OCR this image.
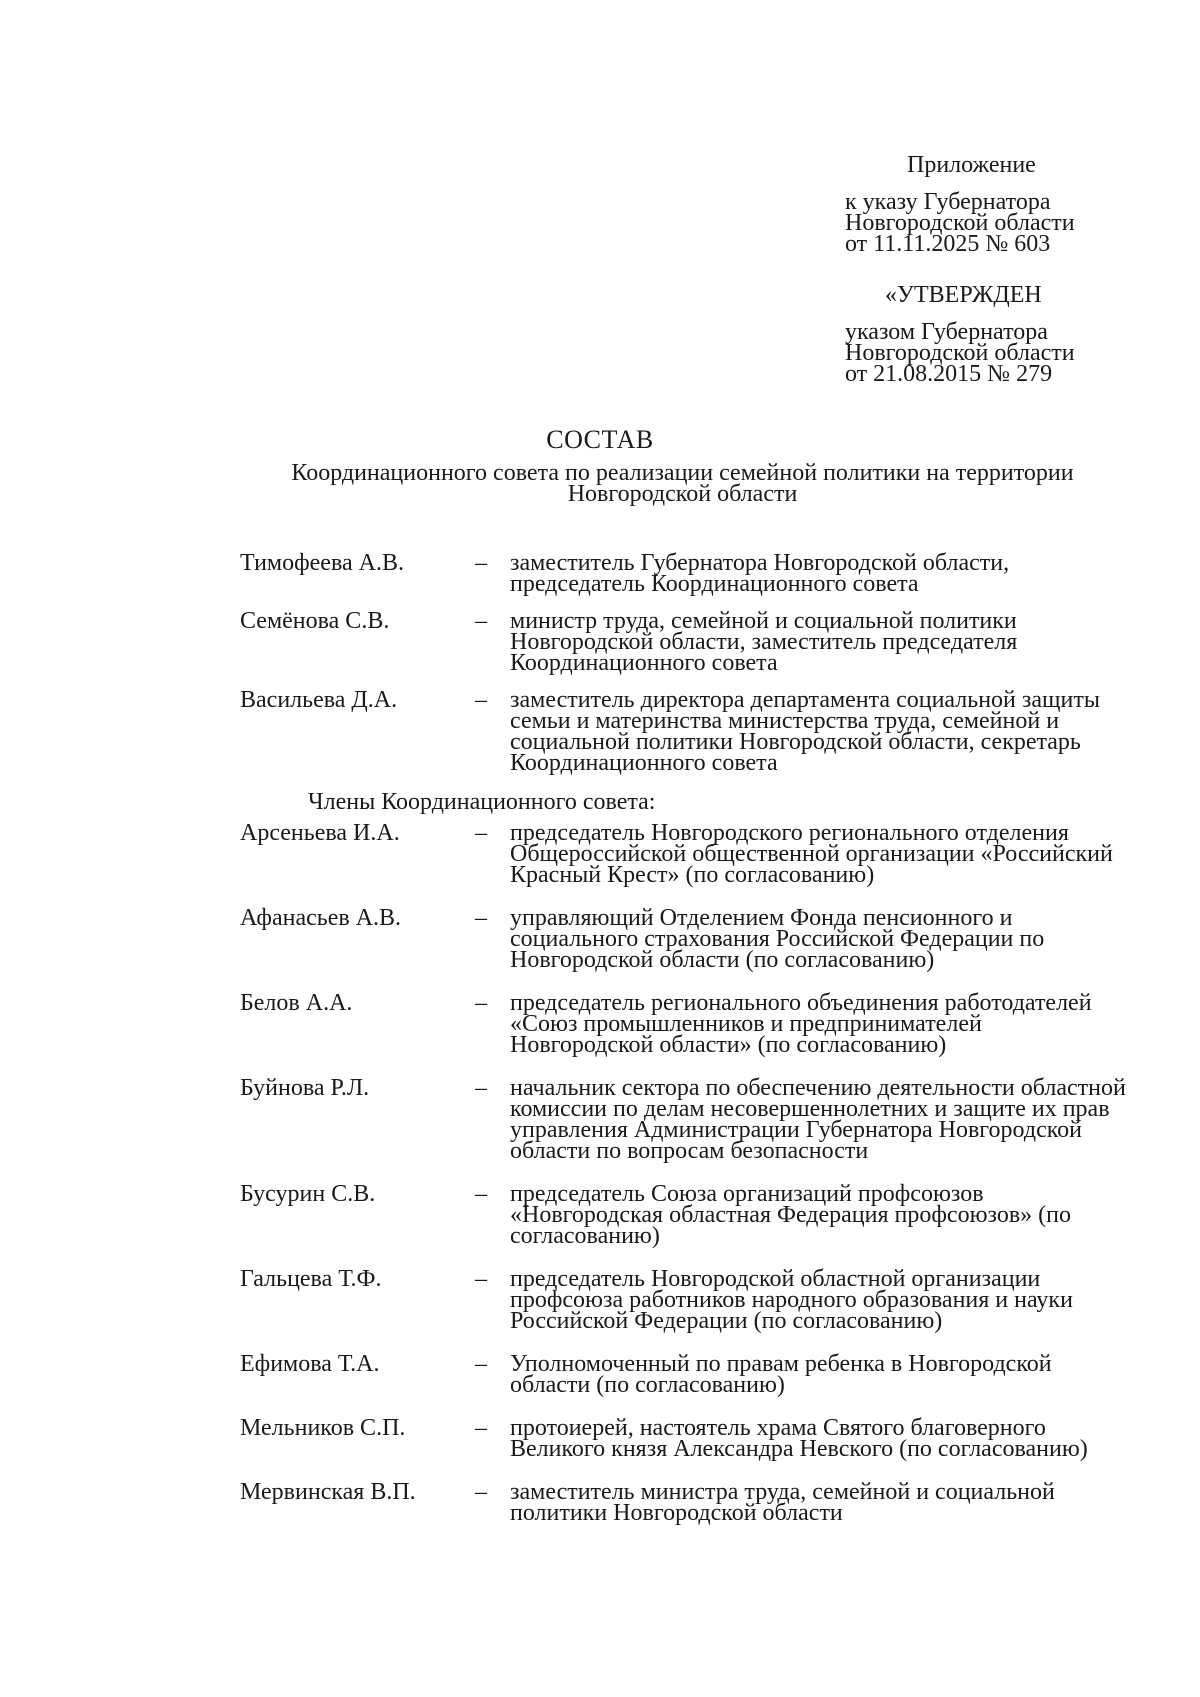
Приложение
к указу Губернатора
Новгородской области
от 11.11.2025 № 603
«УТВЕРЖДЕН
указом Губернатора
Новгородской области
от 21.08.2015 № 279
СОСТАВ
Координационного совета по реализации семейной политики на территории Новгородской области
Тимофеева А.В.	– заместитель Губернатора Новгородской области, председатель Координационного совета
Семёнова С.В.	– министр труда, семейной и социальной политики Новгородской области, заместитель председателя Координационного совета
Васильева Д.А.	– заместитель директора департамента социальной защиты семьи и материнства министерства труда, семейной и социальной политики Новгородской области, секретарь Координационного совета
Члены Координационного совета:
Арсеньева И.А.	– председатель Новгородского регионального отделения Общероссийской общественной организации «Российский Красный Крест» (по согласованию)
Афанасьев А.В.	– управляющий Отделением Фонда пенсионного и социального страхования Российской Федерации по Новгородской области (по согласованию)
Белов А.А.	– председатель регионального объединения работодателей «Союз промышленников и предпринимателей Новгородской области» (по согласованию)
Буйнова Р.Л.	– начальник сектора по обеспечению деятельности областной комиссии по делам несовершеннолетних и защите их прав управления Администрации Губернатора Новгородской области по вопросам безопасности
Бусурин С.В.	– председатель Союза организаций профсоюзов «Новгородская областная Федерация профсоюзов» (по согласованию)
Гальцева Т.Ф.	– председатель Новгородской областной организации профсоюза работников народного образования и науки Российской Федерации (по согласованию)
Ефимова Т.А.	– Уполномоченный по правам ребенка в Новгородской области (по согласованию)
Мельников С.П.	– протоиерей, настоятель храма Святого благоверного Великого князя Александра Невского (по согласованию)
Мервинская В.П.	– заместитель министра труда, семейной и социальной политики Новгородской области
